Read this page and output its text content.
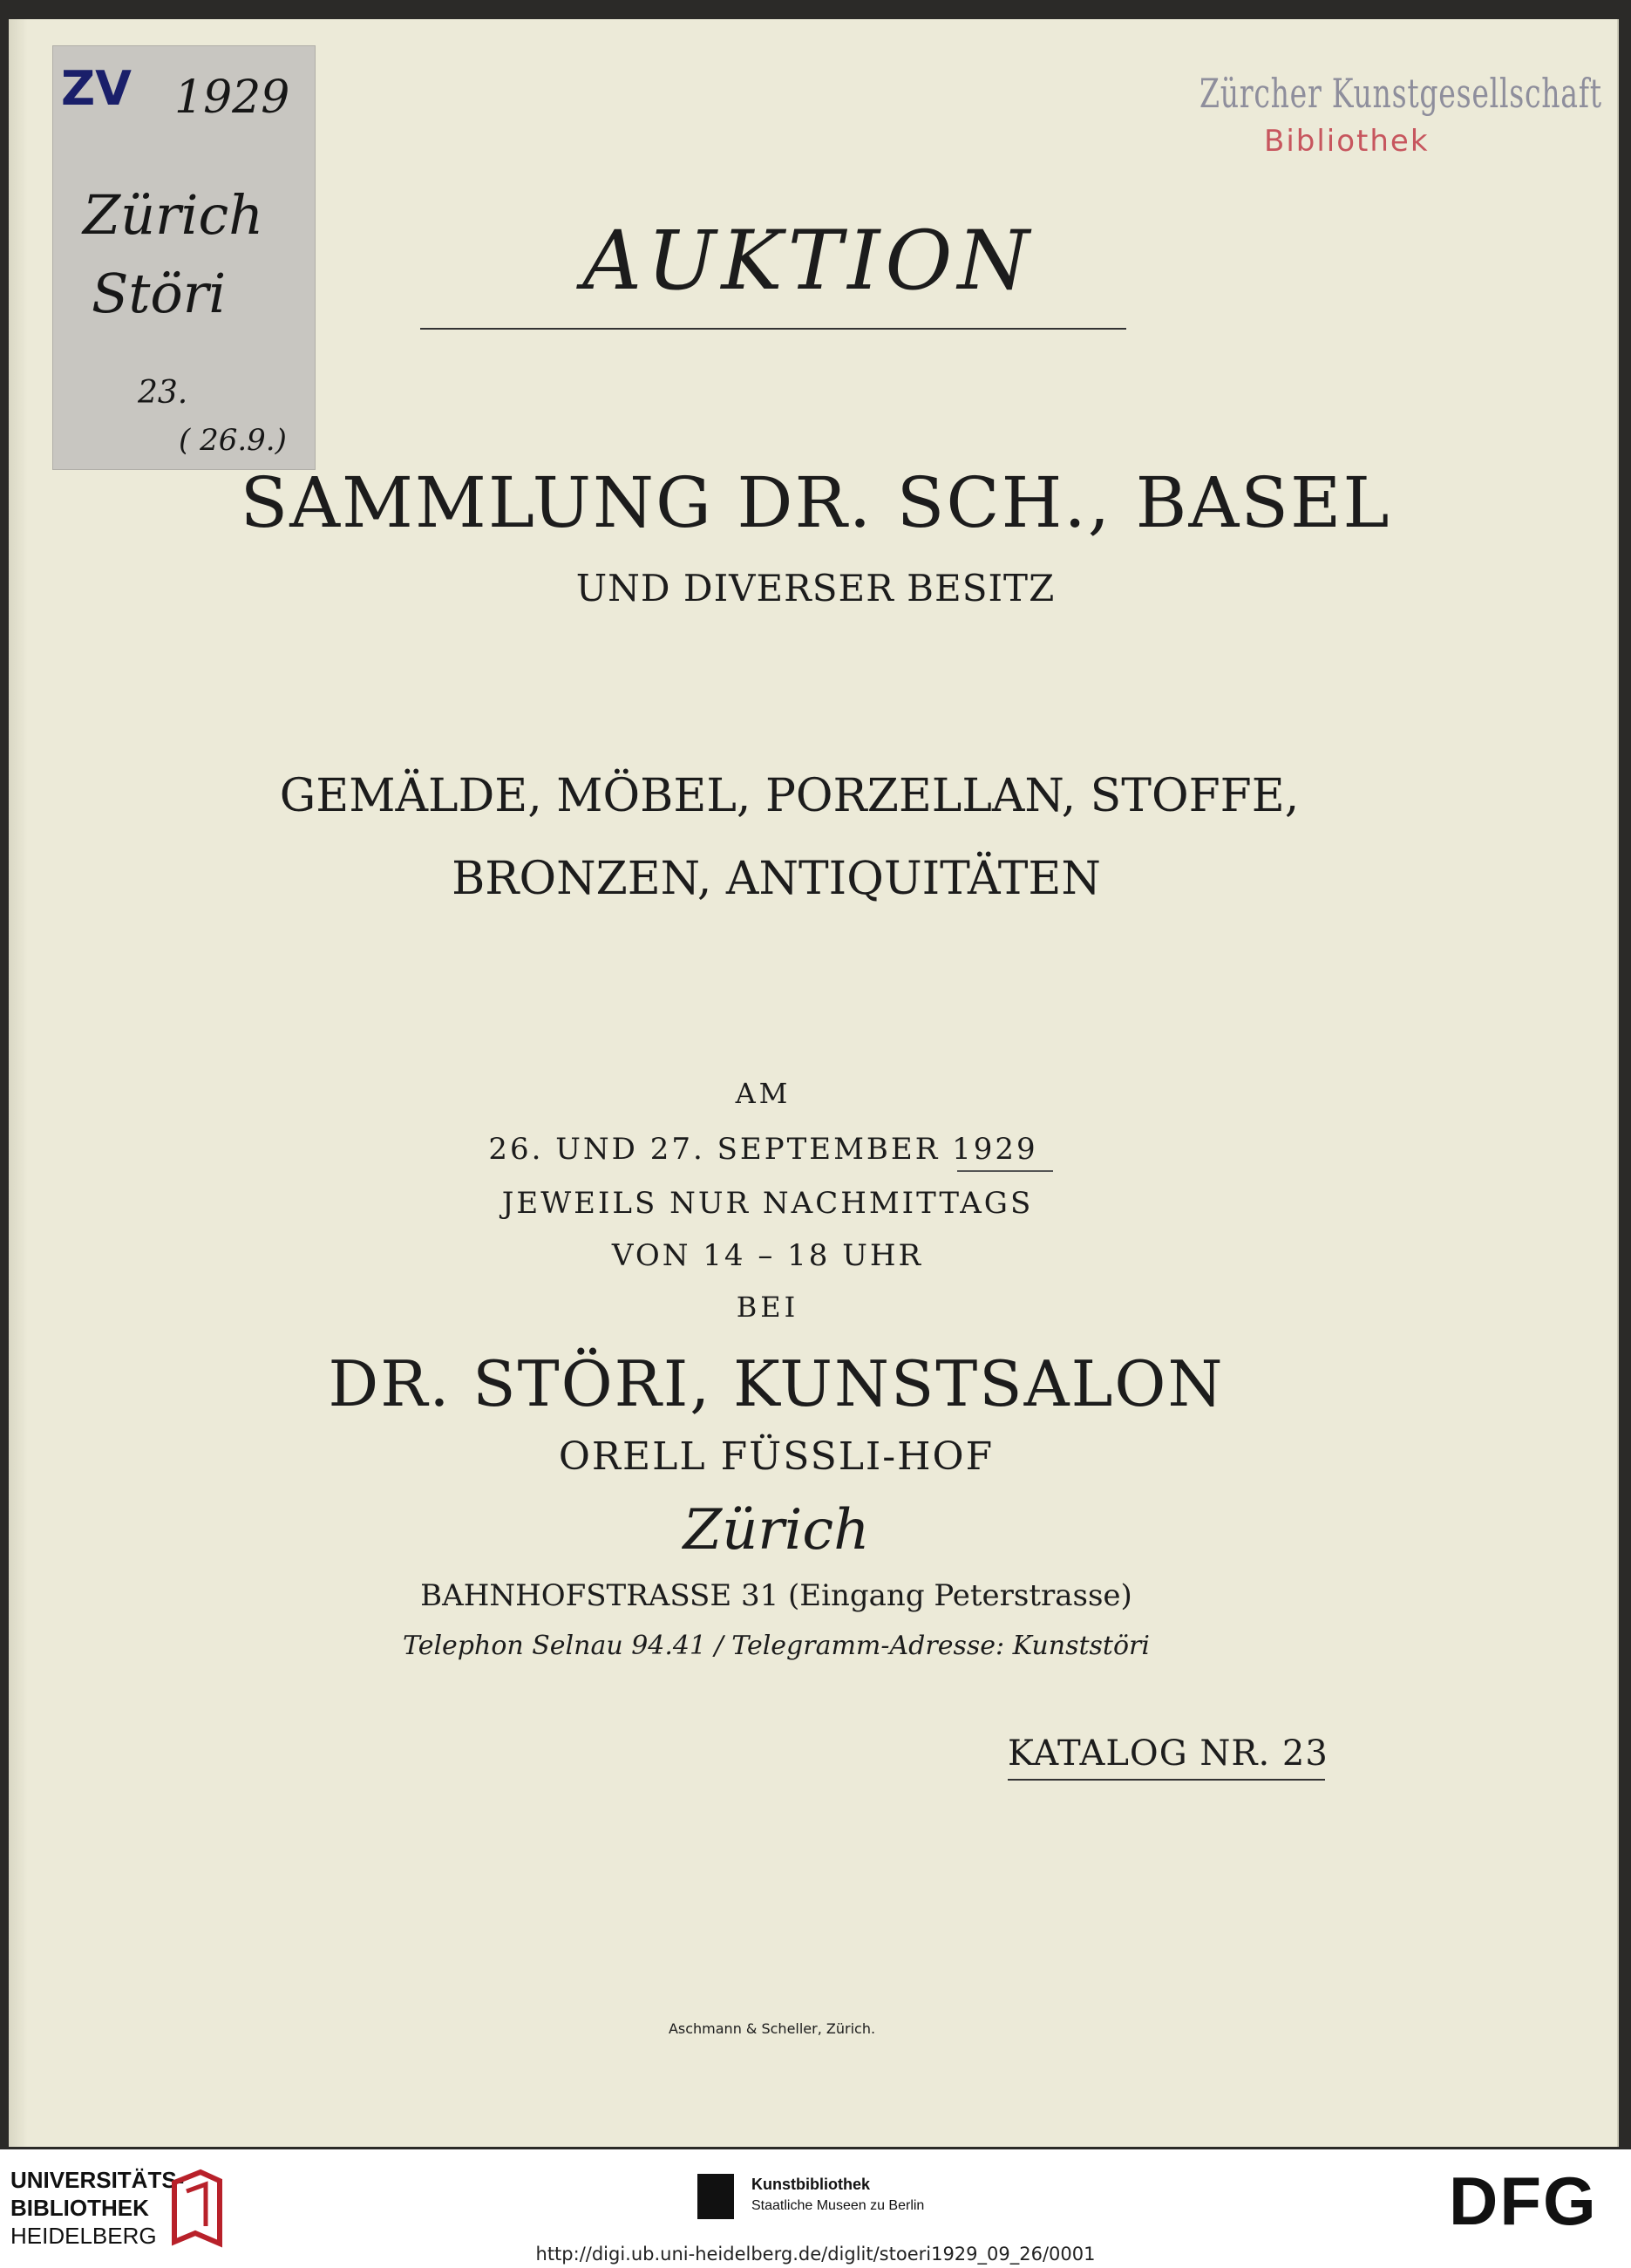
ZV 1929
Zürich
Störi
23.
( 26.9.)
Zürcher Kunstgesellschaft
Bibliothek
AUKTION
SAMMLUNG DR. SCH., BASEL
UND DIVERSER BESITZ
GEMÄLDE, MÖBEL, PORZELLAN, STOFFE,
BRONZEN, ANTIQUITÄTEN
AM
26. UND 27. SEPTEMBER 1929
JEWEILS NUR NACHMITTAGS
VON 14 – 18 UHR
BEI
DR. STÖRI, KUNSTSALON
ORELL FÜSSLI-HOF
Zürich
BAHNHOFSTRASSE 31 (Eingang Peterstrasse)
Telephon Selnau 94.41 / Telegramm-Adresse: Kunststöri
KATALOG NR. 23
Aschmann & Scheller, Zürich.
UNIVERSITÄTS-
BIBLIOTHEK
HEIDELBERG
Kunstbibliothek
Staatliche Museen zu Berlin	DFG
http://digi.ub.uni-heidelberg.de/diglit/stoeri1929_09_26/0001
